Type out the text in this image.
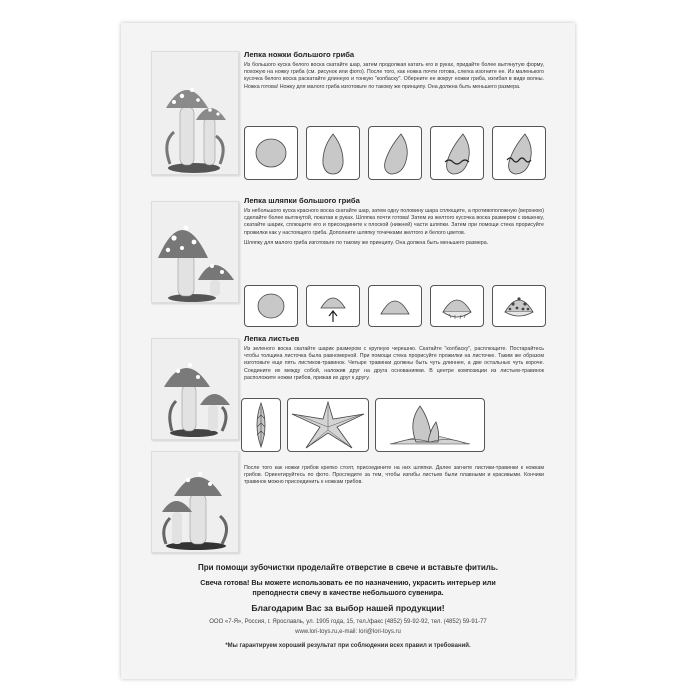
⠀
Лепка ножки большого гриба

Из большого куска белого воска скатайте шар, затем продолжая катать его в руках, придайте более вытянутую форму, похожую на ножку гриба (см. рисунок или фото). После того, как ножка почти готова, слегка изогните ее. Из маленького кусочка белого воска раскатайте длинную и тонкую "колбаску". Оберните ее вокруг ножки гриба, изгибая в виде волны. Ножка готова! Ножку для малого гриба изготовьте по такому же принципу. Она должна быть меньшего размера.

Лепка шляпки большого гриба

Из небольшого куска красного воска скатайте шар, затем одну половину шара сплющите, а противоположную (верхнюю) сделайте более вытянутой, покатав в руках. Шляпка почти готова! Затем из желтого кусочка воска размером с вишенку, скатайте шарик, сплющите его и присоедините к плоской (нижней) части шляпки. Затем при помощи стека прорисуйте прожилки как у настоящего гриба. Дополните шляпку точечками желтого и белого цветов.

Шляпку для малого гриба изготовьте по такому же принципу. Она должна быть меньшего размера.

Лепка листьев

Из зеленого воска скатайте шарик размером с крупную черешню. Скатайте "колбаску", расплющите. Постарайтесь чтобы толщина листочка была равномерной. При помощи стека прорисуйте прожилки на листочке. Таким же образом изготовьте еще пять листиков-травинок. Четыре травинки должны быть чуть длиннее, а две остальных чуть короче. Соедините их между собой, наложив друг на друга основаниями. В центре композиции из листьев-травинок расположите ножки грибов, прижав их друг к другу.

После того как ножки грибов крепко стоят, присоедините на них шляпки. Далее загните листики-травинки к ножкам грибов. Ориентируйтесь по фото. Проследите за тем, чтобы изгибы листьев были плавными и красивыми. Кончики травинок можно присоединить к ножкам грибов.

При помощи зубочистки проделайте отверстие в свече и вставьте фитиль.
Свеча готова! Вы можете использовать ее по назначению, украсить интерьер или преподнести свечу в качестве небольшого сувенира.
Благодарим Вас за выбор нашей продукции!
ООО «7-Я», Россия, г. Ярославль, ул. 1905 года, 15, тел./факс (4852) 59-92-92, тел. (4852) 59-91-77
www.lori-toys.ru,e-mail: lori@lori-toys.ru
*Мы гарантируем хороший результат при соблюдении всех правил и требований.
